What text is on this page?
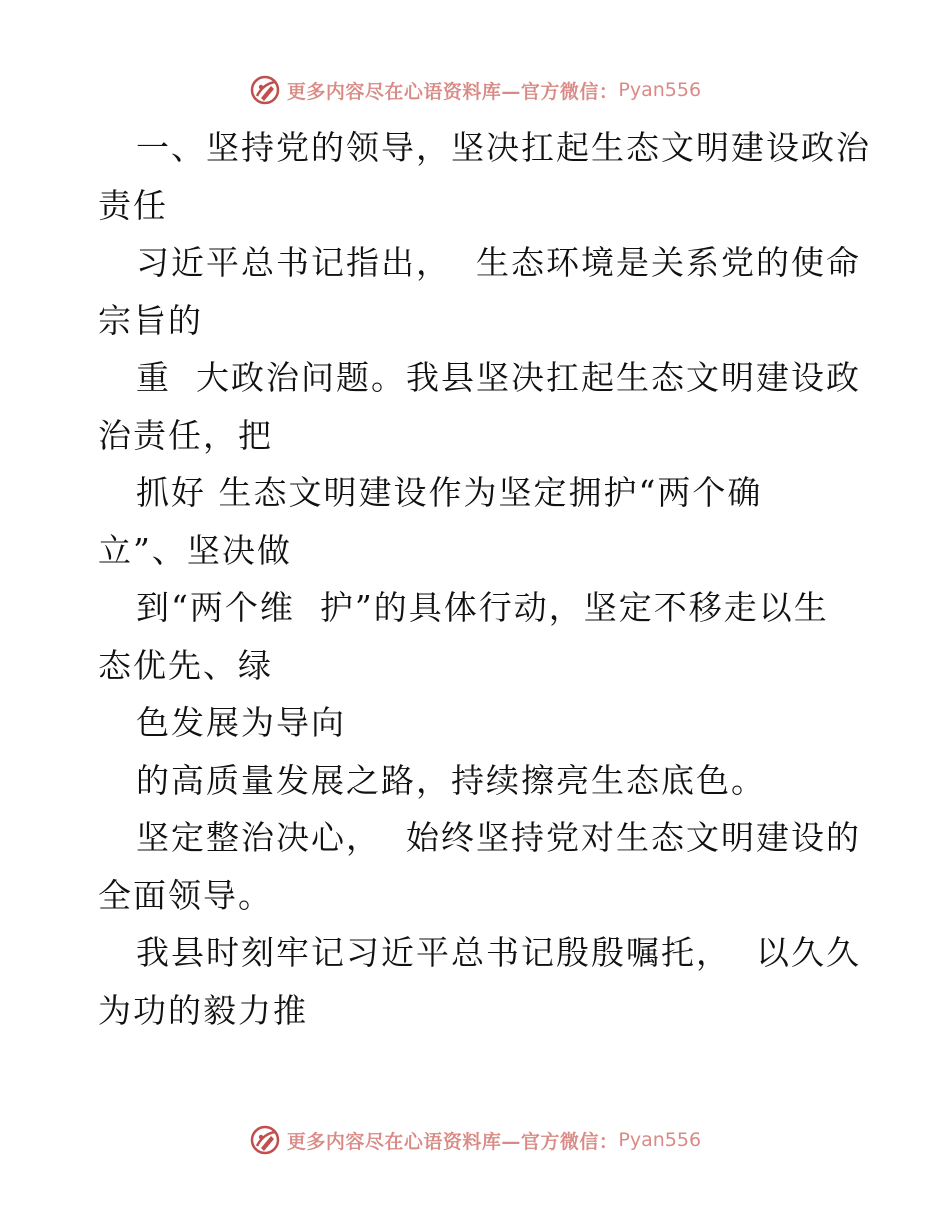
更多内容尽在心语资料库—官方微信： Pyan556
一、坚持党的领导，坚决扛起生态文明建设政治
责任
习近平总书记指出，  生态环境是关系党的使命
宗旨的
重  大政治问题。我县坚决扛起生态文明建设政
治责任，把
抓好 生态文明建设作为坚定拥护“两个确
立”、坚决做
到“两个维  护”的具体行动，坚定不移走以生
态优先、绿
色发展为导向
的高质量发展之路，持续擦亮生态底色。
坚定整治决心，  始终坚持党对生态文明建设的
全面领导。
我县时刻牢记习近平总书记殷殷嘱托，  以久久
为功的毅力推
更多内容尽在心语资料库—官方微信： Pyan556
